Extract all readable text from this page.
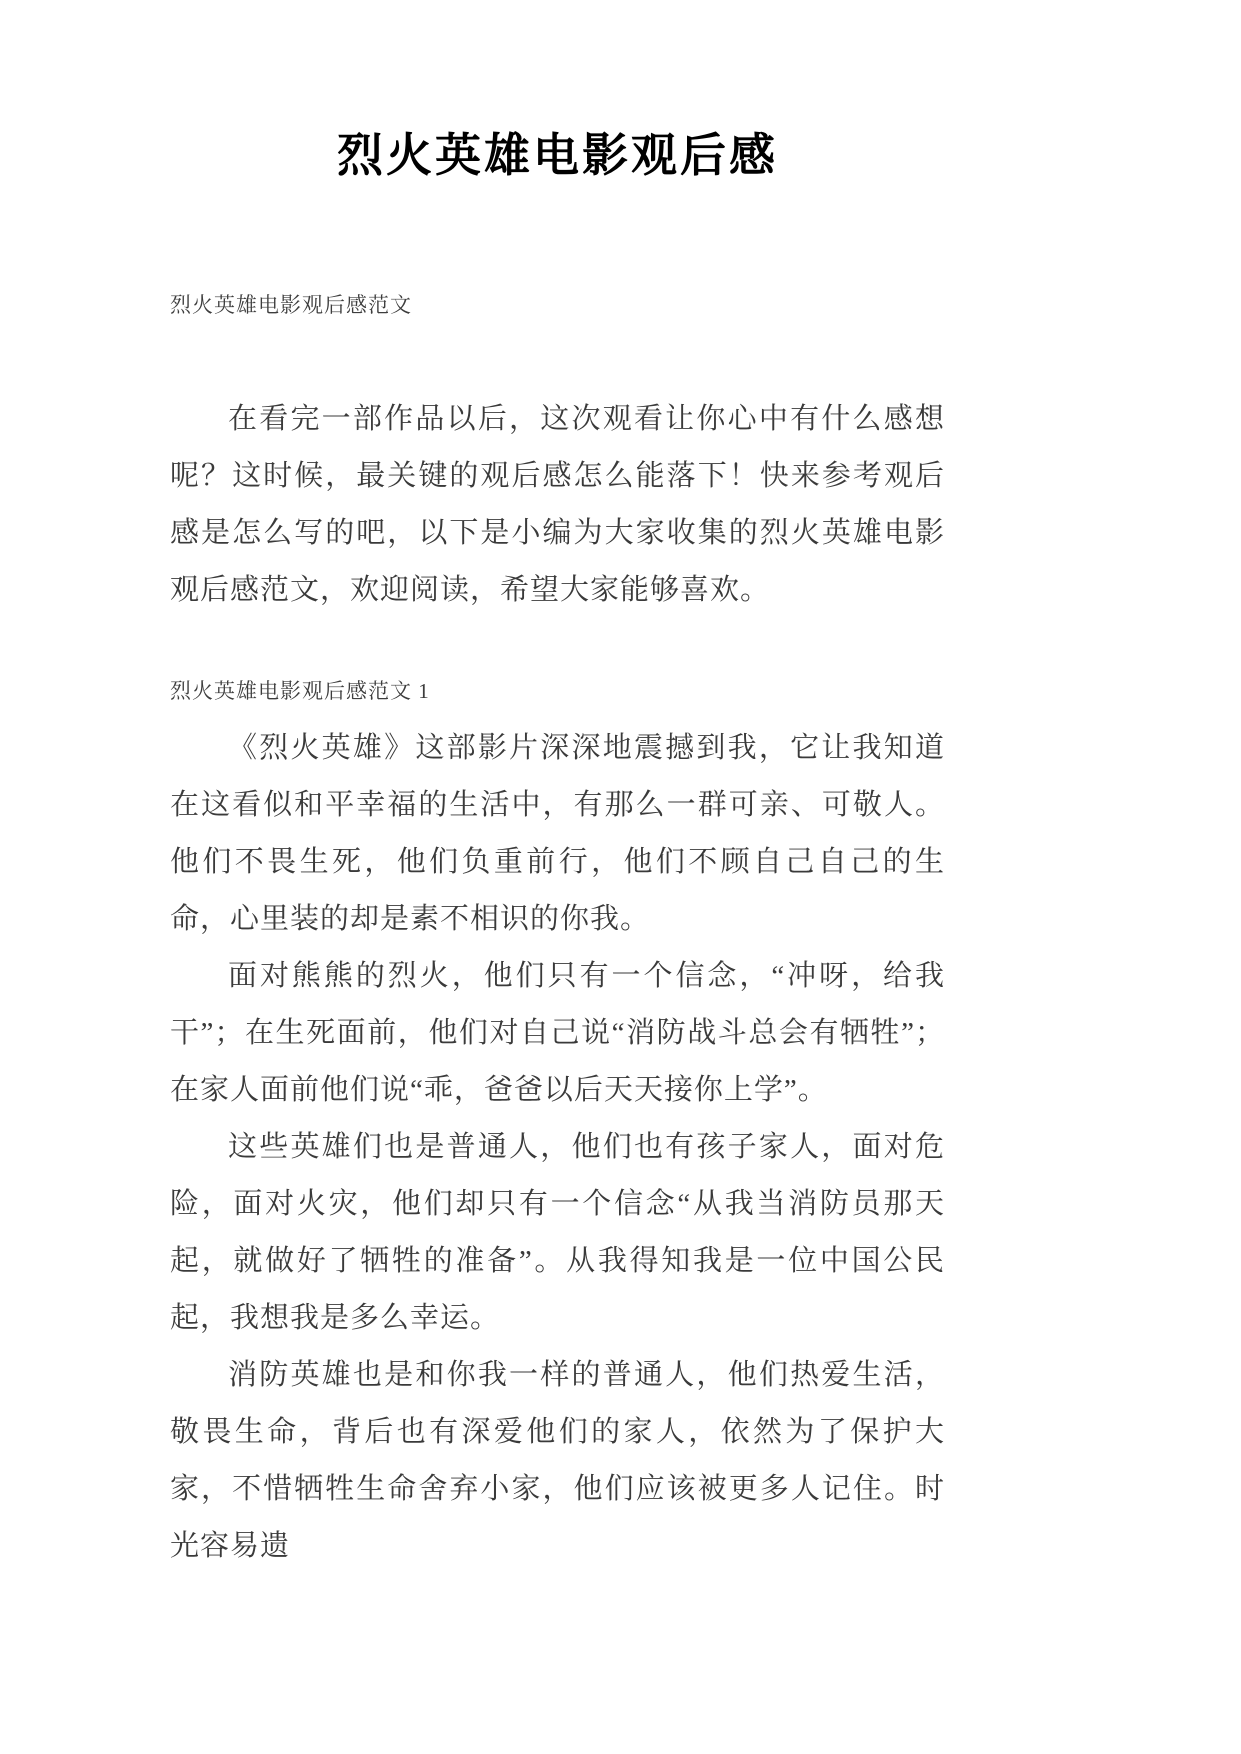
烈火英雄电影观后感
烈火英雄电影观后感范文
在看完一部作品以后，这次观看让你心中有什么感想呢？这时候，最关键的观后感怎么能落下！快来参考观后感是怎么写的吧，以下是小编为大家收集的烈火英雄电影观后感范文，欢迎阅读，希望大家能够喜欢。
烈火英雄电影观后感范文 1

《烈火英雄》这部影片深深地震撼到我，它让我知道在这看似和平幸福的生活中，有那么一群可亲、可敬人。他们不畏生死，他们负重前行，他们不顾自己自己的生命，心里装的却是素不相识的你我。

面对熊熊的烈火，他们只有一个信念，“冲呀，给我干”；在生死面前，他们对自己说“消防战斗总会有牺牲”；在家人面前他们说“乖，爸爸以后天天接你上学”。

这些英雄们也是普通人，他们也有孩子家人，面对危险，面对火灾，他们却只有一个信念“从我当消防员那天起，就做好了牺牲的准备”。从我得知我是一位中国公民起，我想我是多么幸运。

消防英雄也是和你我一样的普通人，他们热爱生活，敬畏生命，背后也有深爱他们的家人，依然为了保护大家，不惜牺牲生命舍弃小家，他们应该被更多人记住。时光容易遗
